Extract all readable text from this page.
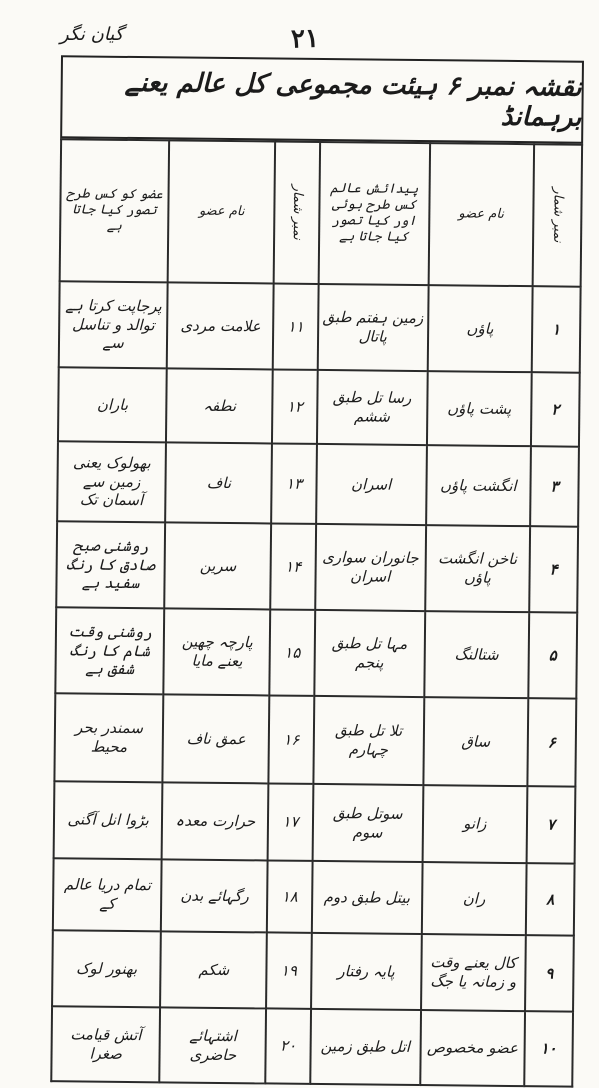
گیان نگر	۲۱
نقشہ نمبر ۶ ہیئت مجموعی کل عالم یعنے برہمانڈ
نمبر شمار	نام عضو	پیدائش عالم کس طرح ہوئی اور کیا تصور کیا جاتا ہے	نمبر شمار	نام عضو	عضو کو کس طرح تصور کیا جاتا ہے
۱	پاؤں	زمین ہفتم طبق پاتال	۱۱	علامت مردی	پرجاپت کرتا ہے توالد و تناسل سے
۲	پشت پاؤں	رسا تل طبق ششم	۱۲	نطفہ	باران
۳	انگشت پاؤں	اسران	۱۳	ناف	بھولوک یعنی زمین سے آسمان تک
۴	ناخن انگشت پاؤں	جانوران سواری اسران	۱۴	سرین	روشنی صبح صادق کا رنگ سفید ہے
۵	شتالنگ	مہا تل طبق پنجم	۱۵	پارچہ چھین یعنے مایا	روشنی وقت شام کا رنگ شفق ہے
۶	ساق	تلا تل طبق چہارم	۱۶	عمق ناف	سمندر بحر محیط
۷	زانو	سوتل طبق سوم	۱۷	حرارت معدہ	بڑوا انل آگنی
۸	ران	بیتل طبق دوم	۱۸	رگہائے بدن	تمام دریا عالم کے
۹	کال یعنے وقت و زمانہ یا جگ	پایہ رفتار	۱۹	شکم	بھنور لوک
۱۰	عضو مخصوص	اتل طبق زمین	۲۰	اشتہائے حاضری	آتش قیامت صغرا
